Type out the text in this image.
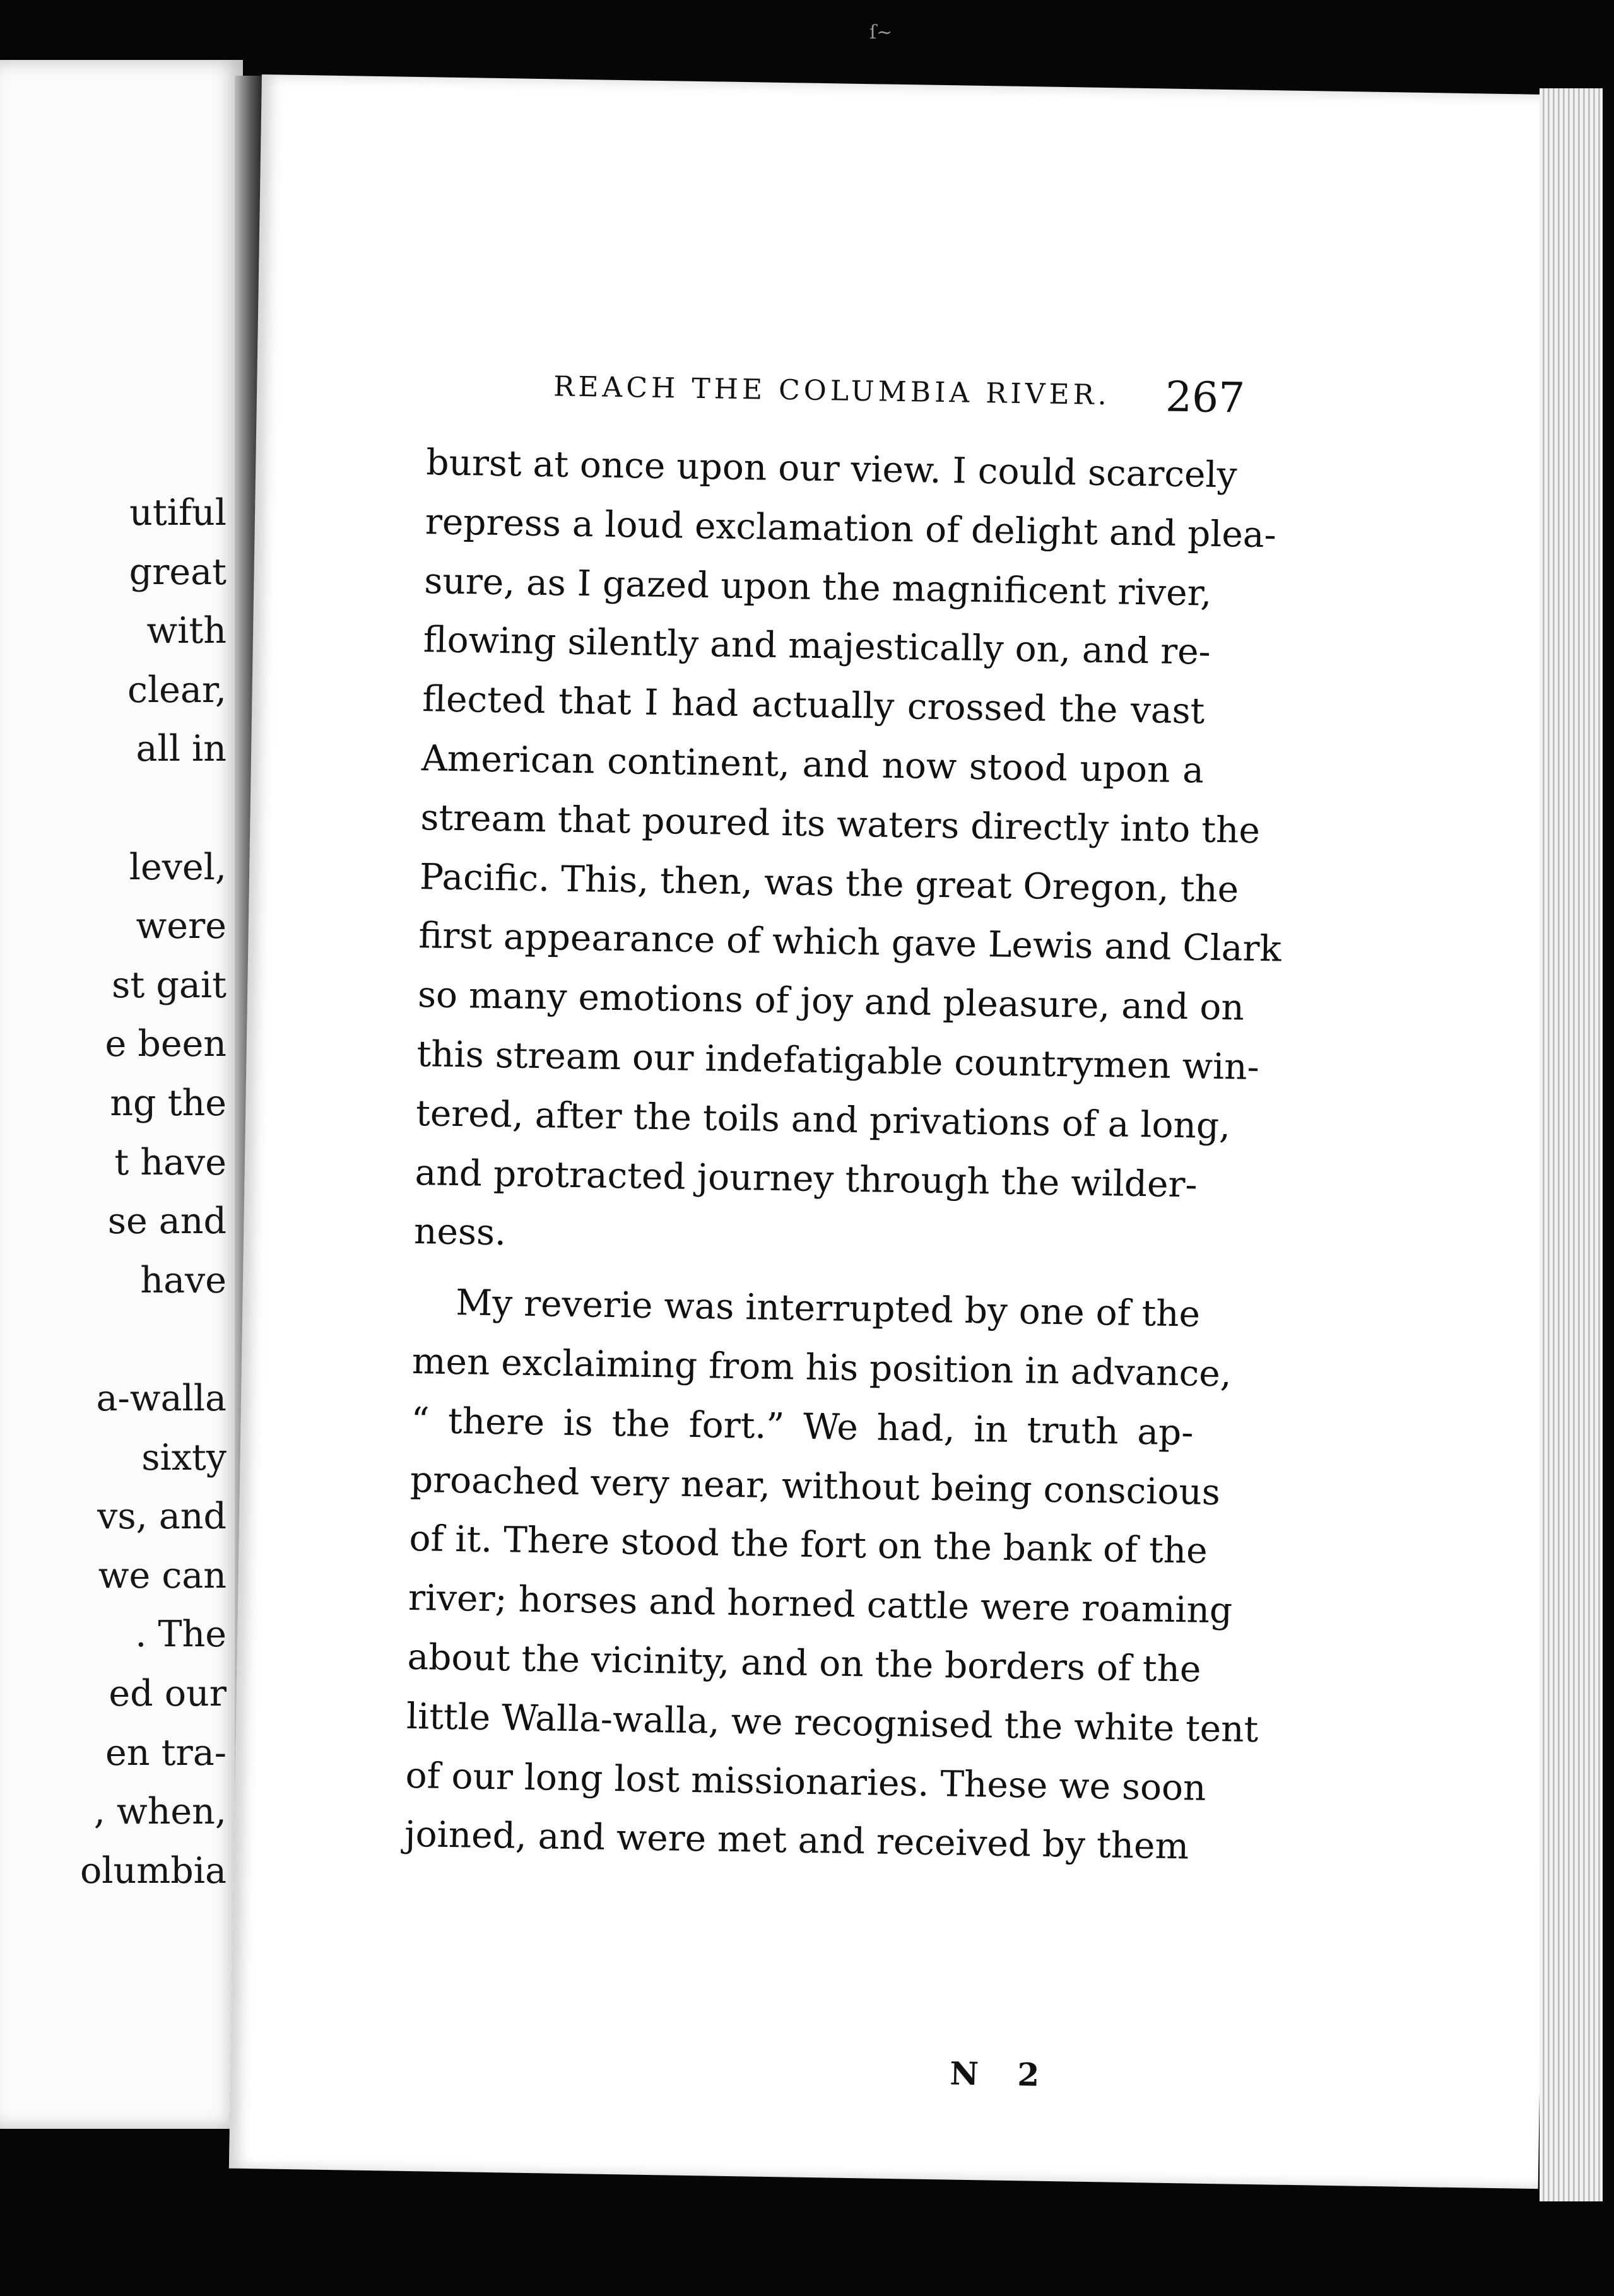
ſ~
utiful
great
with
clear,
all in
level,
were
st gait
e been
ng the
t have
se and
have
a-walla
sixty
vs, and
we can
. The
ed our
en tra-
, when,
olumbia
REACH THE COLUMBIA RIVER. 267
burst at once upon our view. I could scarcely
repress a loud exclamation of delight and plea-
sure, as I gazed upon the magnificent river,
flowing silently and majestically on, and re-
flected that I had actually crossed the vast
American continent, and now stood upon a
stream that poured its waters directly into the
Pacific. This, then, was the great Oregon, the
first appearance of which gave Lewis and Clark
so many emotions of joy and pleasure, and on
this stream our indefatigable countrymen win-
tered, after the toils and privations of a long,
and protracted journey through the wilder-
ness.
My reverie was interrupted by one of the
men exclaiming from his position in advance,
“ there is the fort.” We had, in truth ap-
proached very near, without being conscious
of it. There stood the fort on the bank of the
river; horses and horned cattle were roaming
about the vicinity, and on the borders of the
little Walla-walla, we recognised the white tent
of our long lost missionaries. These we soon
joined, and were met and received by them
N 2
